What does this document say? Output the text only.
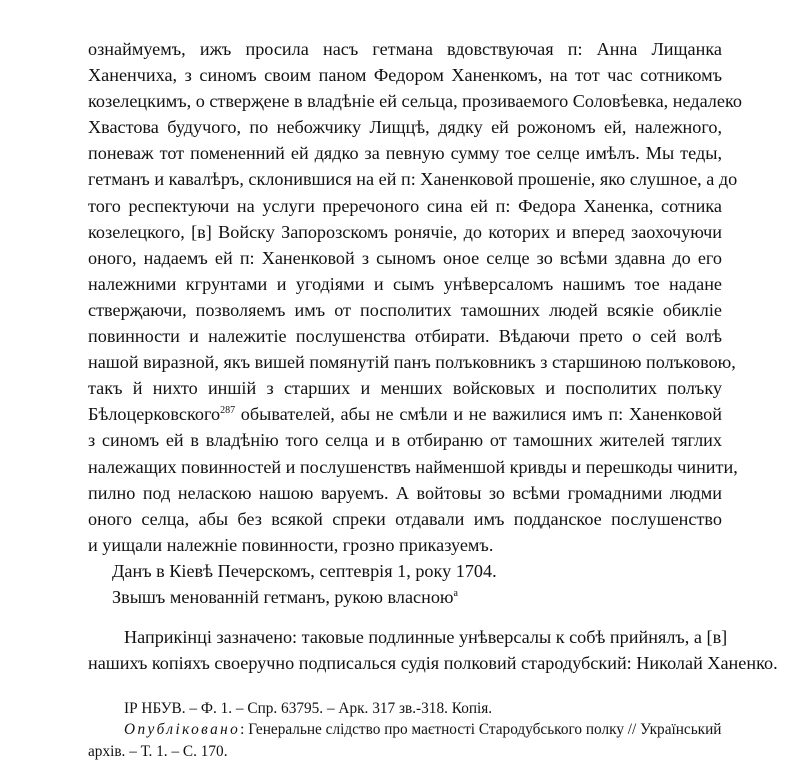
ознаймуемъ, ижъ просила насъ гетмана вдовствуючая п: Анна Лищанка
Ханенчиха, з синомъ своим паном Федором Ханенкомъ, на тот час сотникомъ
козелецкимъ, о стверҗене в владѣніе ей сельца, прозиваемого Соловѣевка, недалеко
Хвастова будучого, по небожчику Лищцѣ, дядку ей рожономъ ей, належного,
поневаж тот помененний ей дядко за певную сумму тое селце имѣлъ. Мы теды,
гетманъ и кавалѣръ, склонившися на ей п: Ханенковой прошеніе, яко слушное, а до
того респектуючи на услуги преречоного сина ей п: Федора Ханенка, сотника
козелецкого, [в] Войску Запорозскомъ ронячіе, до которих и вперед заохочуючи
оного, надаемъ ей п: Ханенковой з сыномъ оное селце зо всѣми здавна до его
належними кгрунтами и угодіями и сымъ унѣверсаломъ нашимъ тое надане
стверҗаючи, позволяемъ имъ от посполитих тамошних людей всякіе обикліе
повинности и належитіе послушенства отбирати. Вѣдаючи прето о сей волѣ
нашой виразной, якъ вишей помянутій панъ полъковникъ з старшиною полъковою,
такъ й нихто иншій з старших и менших войсковых и посполитих полъку
Бѣлоцерковского$^{287}$ обывателей, абы не смѣли и не важилися имъ п: Ханенковой
з синомъ ей в владѣнію того селца и в отбираню от тамошних жителей тяглих
належащих повинностей и послушенствъ найменшой кривды и перешкоды чинити,
пилно под неласкою нашою варуемъ. А войтовы зо всѣми громадними людми
оного селца, абы без всякой спреки отдавали имъ подданское послушенство
и уищали належніе повинности, грозно приказуемъ.
Данъ в Кіевѣ Печерскомъ, септеврія 1, року 1704.
Звышъ менованній гетманъ, рукою власною$^а$
Наприкінці зазначено: таковые подлинные унѣверсалы к собѣ прийнялъ, а [в]
нашихъ копіяхъ своеручно подписалься судія полковий стародубский: Николай Ханенко.
ІР НБУВ. – Ф. 1. – Спр. 63795. – Арк. 317 зв.-318. Копія.
Опубліковано: Генеральне слідство про маєтності Стародубського полку // Український
архів. – Т. 1. – С. 170.
